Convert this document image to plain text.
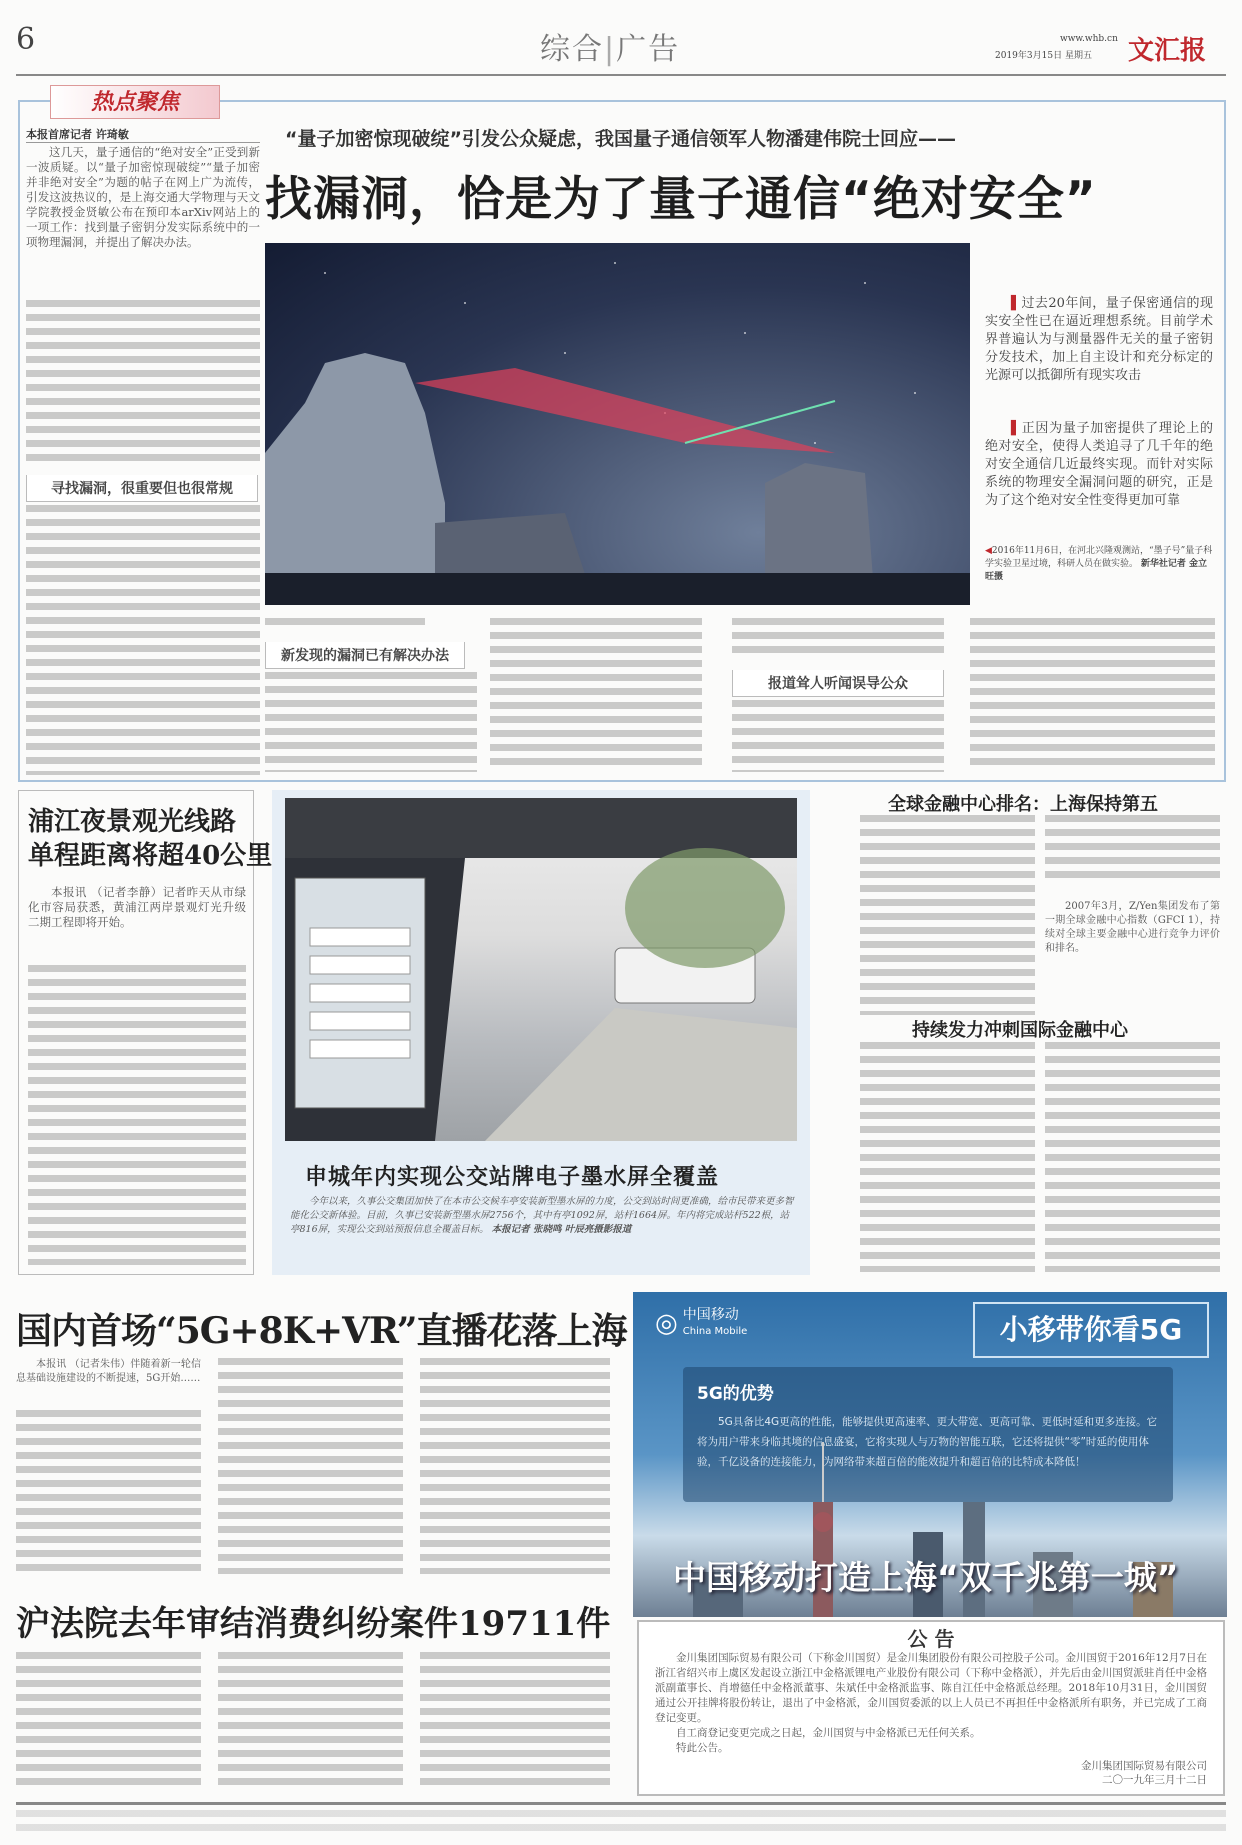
6	综合|广告	www.whb.cn
2019年3月15日 星期五 文汇报
热点聚焦
本报首席记者 许琦敏
这几天，量子通信的“绝对安全”正受到新一波质疑。以“量子加密惊现破绽”“量子加密并非绝对安全”为题的帖子在网上广为流传，引发这波热议的，是上海交通大学物理与天文学院教授金贤敏公布在预印本arXiv网站上的一项工作：找到量子密钥分发实际系统中的一项物理漏洞，并提出了解决办法。
寻找漏洞，很重要但也很常规
“量子加密惊现破绽”引发公众疑虑，我国量子通信领军人物潘建伟院士回应——
找漏洞，恰是为了量子通信“绝对安全”
▌过去20年间，量子保密通信的现实安全性已在逼近理想系统。目前学术界普遍认为与测量器件无关的量子密钥分发技术，加上自主设计和充分标定的光源可以抵御所有现实攻击
▌正因为量子加密提供了理论上的绝对安全，使得人类追寻了几千年的绝对安全通信几近最终实现。而针对实际系统的物理安全漏洞问题的研究，正是为了这个绝对安全性变得更加可靠
◀2016年11月6日，在河北兴隆观测站，“墨子号”量子科学实验卫星过境，科研人员在做实验。 新华社记者 金立旺摄
新发现的漏洞已有解决办法
报道耸人听闻误导公众
浦江夜景观光线路
单程距离将超40公里
本报讯 （记者李静）记者昨天从市绿化市容局获悉，黄浦江两岸景观灯光升级二期工程即将开始。
申城年内实现公交站牌电子墨水屏全覆盖
今年以来，久事公交集团加快了在本市公交候车亭安装新型墨水屏的力度，公交到站时间更准确，给市民带来更多智能化公交新体验。目前，久事已安装新型墨水屏2756个，其中有亭1092屏，站杆1664屏。年内将完成站杆522根，站亭816屏，实现公交到站预报信息全覆盖目标。 本报记者 张晓鸣 叶辰亮摄影报道
全球金融中心排名：上海保持第五
2007年3月，Z/Yen集团发布了第一期全球金融中心指数（GFCI 1），持续对全球主要金融中心进行竞争力评价和排名。
持续发力冲刺国际金融中心
国内首场“5G+8K+VR”直播花落上海
本报讯 （记者朱伟）伴随着新一轮信息基础设施建设的不断提速，5G开始……
沪法院去年审结消费纠纷案件19711件
◎ 中国移动
China Mobile	小移带你看5G
5G的优势
5G具备比4G更高的性能，能够提供更高速率、更大带宽、更高可靠、更低时延和更多连接。它将为用户带来身临其境的信息盛宴，它将实现人与万物的智能互联，它还将提供“零”时延的使用体验，千亿设备的连接能力，为网络带来超百倍的能效提升和超百倍的比特成本降低！
中国移动打造上海“双千兆第一城”
公 告
金川集团国际贸易有限公司（下称金川国贸）是金川集团股份有限公司控股子公司。金川国贸于2016年12月7日在浙江省绍兴市上虞区发起设立浙江中金格派锂电产业股份有限公司（下称中金格派），并先后由金川国贸派驻肖任中金格派副董事长、肖增德任中金格派董事、朱斌任中金格派监事、陈自江任中金格派总经理。2018年10月31日，金川国贸通过公开挂牌将股份转让，退出了中金格派，金川国贸委派的以上人员已不再担任中金格派所有职务，并已完成了工商登记变更。
自工商登记变更完成之日起，金川国贸与中金格派已无任何关系。
特此公告。
金川集团国际贸易有限公司
二〇一九年三月十二日
